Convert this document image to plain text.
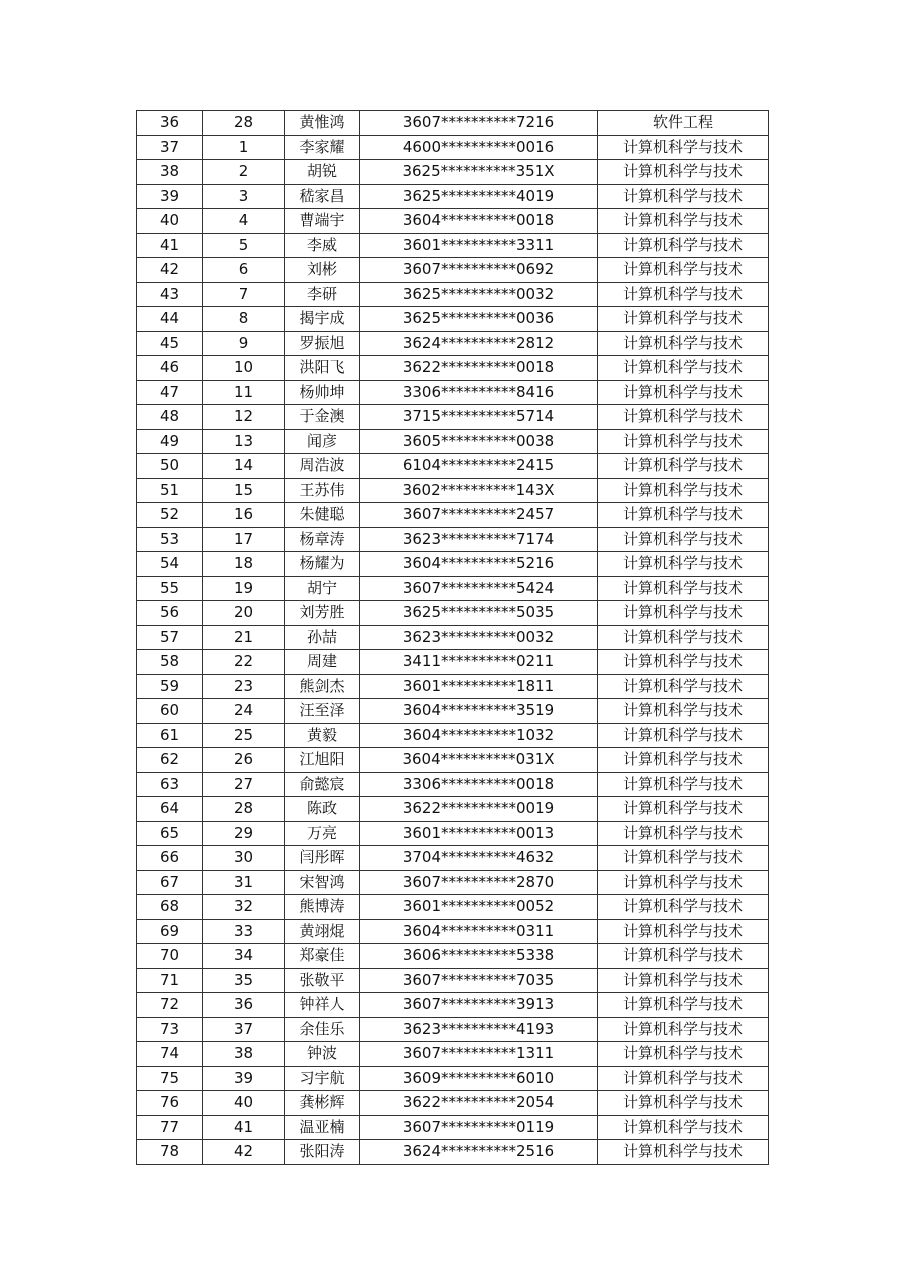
36	28	黄惟鸿	3607**********7216	软件工程
37	1	李家耀	4600**********0016	计算机科学与技术
38	2	胡锐	3625**********351X	计算机科学与技术
39	3	嵇家昌	3625**********4019	计算机科学与技术
40	4	曹端宇	3604**********0018	计算机科学与技术
41	5	李威	3601**********3311	计算机科学与技术
42	6	刘彬	3607**********0692	计算机科学与技术
43	7	李研	3625**********0032	计算机科学与技术
44	8	揭宇成	3625**********0036	计算机科学与技术
45	9	罗振旭	3624**********2812	计算机科学与技术
46	10	洪阳飞	3622**********0018	计算机科学与技术
47	11	杨帅坤	3306**********8416	计算机科学与技术
48	12	于金澳	3715**********5714	计算机科学与技术
49	13	闻彦	3605**********0038	计算机科学与技术
50	14	周浩波	6104**********2415	计算机科学与技术
51	15	王苏伟	3602**********143X	计算机科学与技术
52	16	朱健聪	3607**********2457	计算机科学与技术
53	17	杨章涛	3623**********7174	计算机科学与技术
54	18	杨耀为	3604**********5216	计算机科学与技术
55	19	胡宁	3607**********5424	计算机科学与技术
56	20	刘芳胜	3625**********5035	计算机科学与技术
57	21	孙喆	3623**********0032	计算机科学与技术
58	22	周建	3411**********0211	计算机科学与技术
59	23	熊剑杰	3601**********1811	计算机科学与技术
60	24	汪至泽	3604**********3519	计算机科学与技术
61	25	黄毅	3604**********1032	计算机科学与技术
62	26	江旭阳	3604**********031X	计算机科学与技术
63	27	俞懿宸	3306**********0018	计算机科学与技术
64	28	陈政	3622**********0019	计算机科学与技术
65	29	万亮	3601**********0013	计算机科学与技术
66	30	闫彤晖	3704**********4632	计算机科学与技术
67	31	宋智鸿	3607**********2870	计算机科学与技术
68	32	熊博涛	3601**********0052	计算机科学与技术
69	33	黄翊焜	3604**********0311	计算机科学与技术
70	34	郑豪佳	3606**********5338	计算机科学与技术
71	35	张敬平	3607**********7035	计算机科学与技术
72	36	钟祥人	3607**********3913	计算机科学与技术
73	37	余佳乐	3623**********4193	计算机科学与技术
74	38	钟波	3607**********1311	计算机科学与技术
75	39	习宇航	3609**********6010	计算机科学与技术
76	40	龚彬辉	3622**********2054	计算机科学与技术
77	41	温亚楠	3607**********0119	计算机科学与技术
78	42	张阳涛	3624**********2516	计算机科学与技术
